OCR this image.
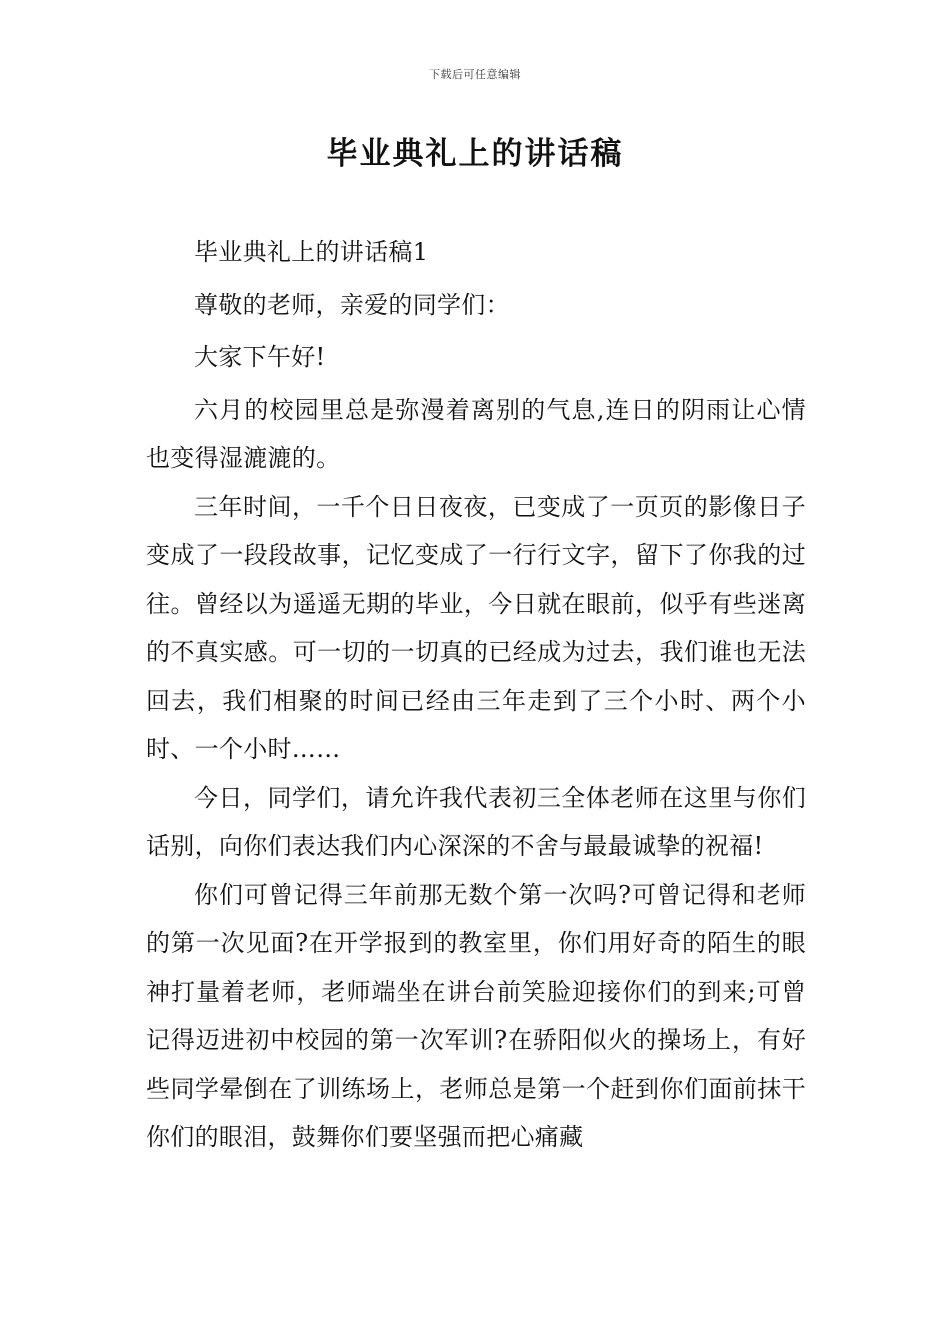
下载后可任意编辑
毕业典礼上的讲话稿

毕业典礼上的讲话稿1

尊敬的老师，亲爱的同学们：

大家下午好!

六月的校园里总是弥漫着离别的气息,连日的阴雨让心情也变得湿漉漉的。

三年时间，一千个日日夜夜，已变成了一页页的影像日子变成了一段段故事，记忆变成了一行行文字，留下了你我的过往。曾经以为遥遥无期的毕业，今日就在眼前，似乎有些迷离的不真实感。可一切的一切真的已经成为过去，我们谁也无法回去，我们相聚的时间已经由三年走到了三个小时、两个小时、一个小时……

今日，同学们，请允许我代表初三全体老师在这里与你们话别，向你们表达我们内心深深的不舍与最最诚挚的祝福!

你们可曾记得三年前那无数个第一次吗?可曾记得和老师的第一次见面?在开学报到的教室里，你们用好奇的陌生的眼神打量着老师，老师端坐在讲台前笑脸迎接你们的到来;可曾记得迈进初中校园的第一次军训?在骄阳似火的操场上，有好些同学晕倒在了训练场上，老师总是第一个赶到你们面前抹干你们的眼泪，鼓舞你们要坚强而把心痛藏
